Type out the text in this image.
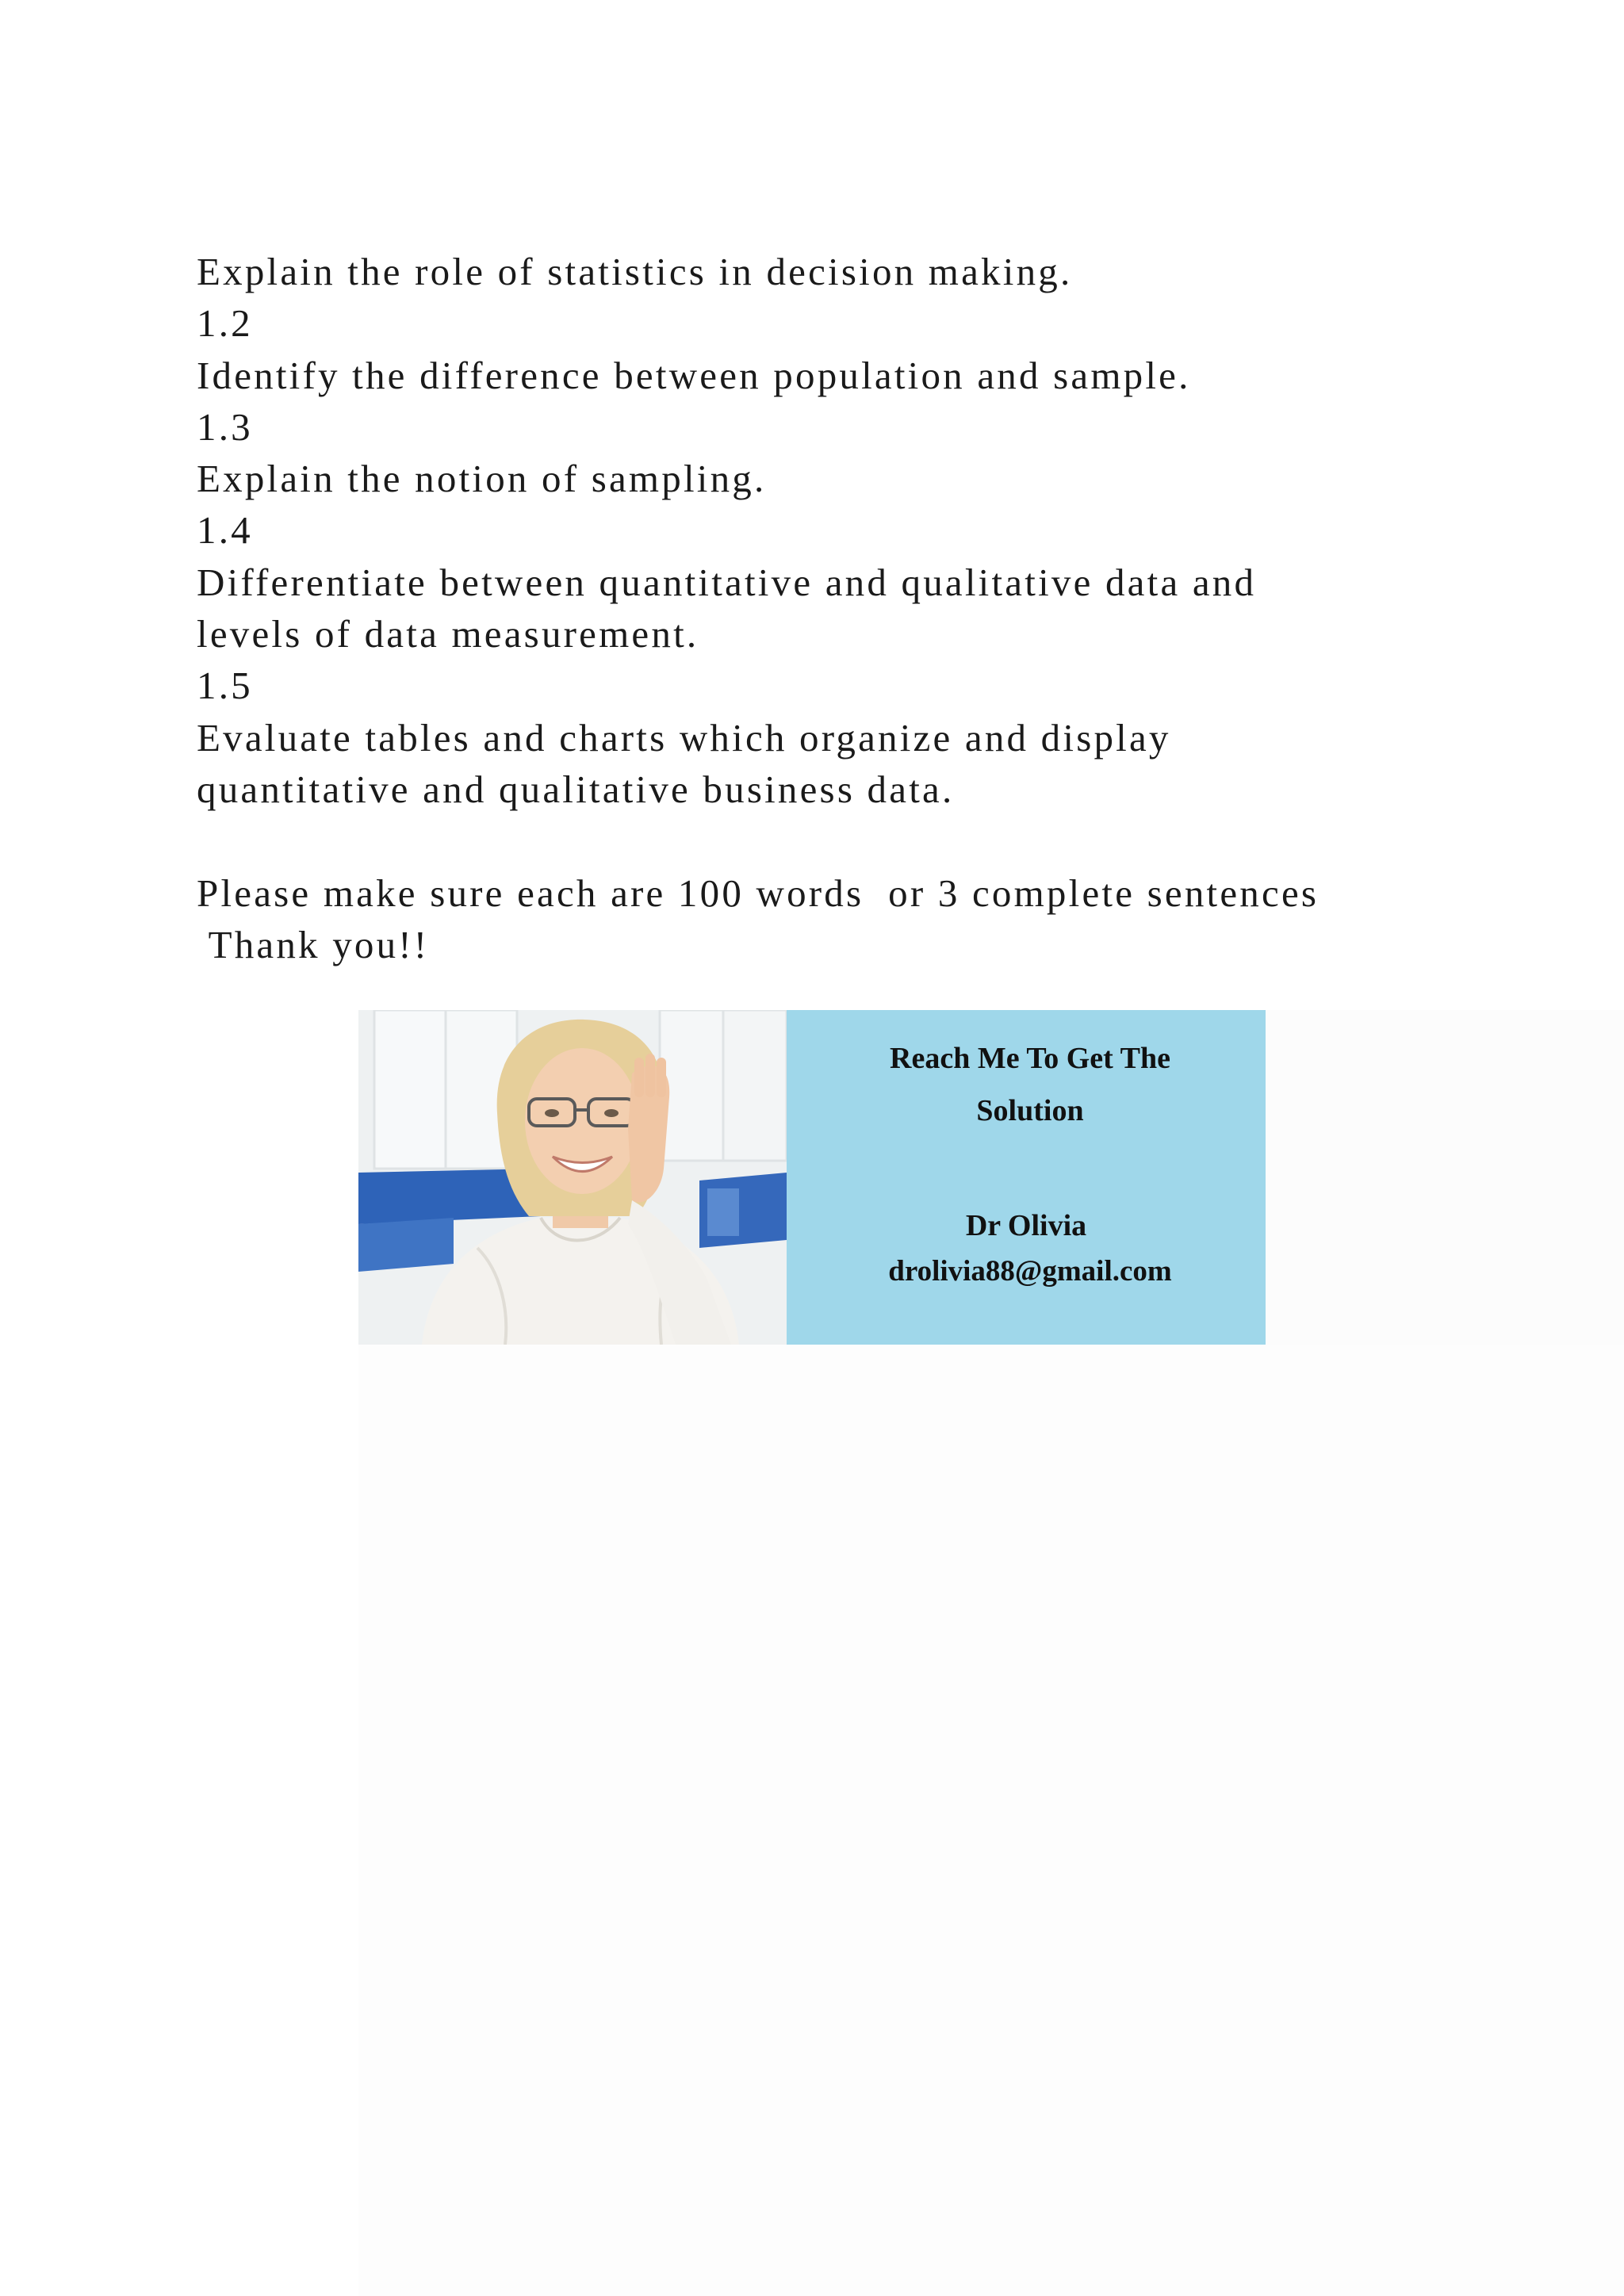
Explain the role of statistics in decision making.
1.2
Identify the difference between population and sample.
1.3
Explain the notion of sampling.
1.4
Differentiate between quantitative and qualitative data and
levels of data measurement.
1.5
Evaluate tables and charts which organize and display
quantitative and qualitative business data.
Please make sure each are 100 words  or 3 complete sentences
Thank you!!
Reach Me To Get The
Solution
Dr Olivia
drolivia88@gmail.com
